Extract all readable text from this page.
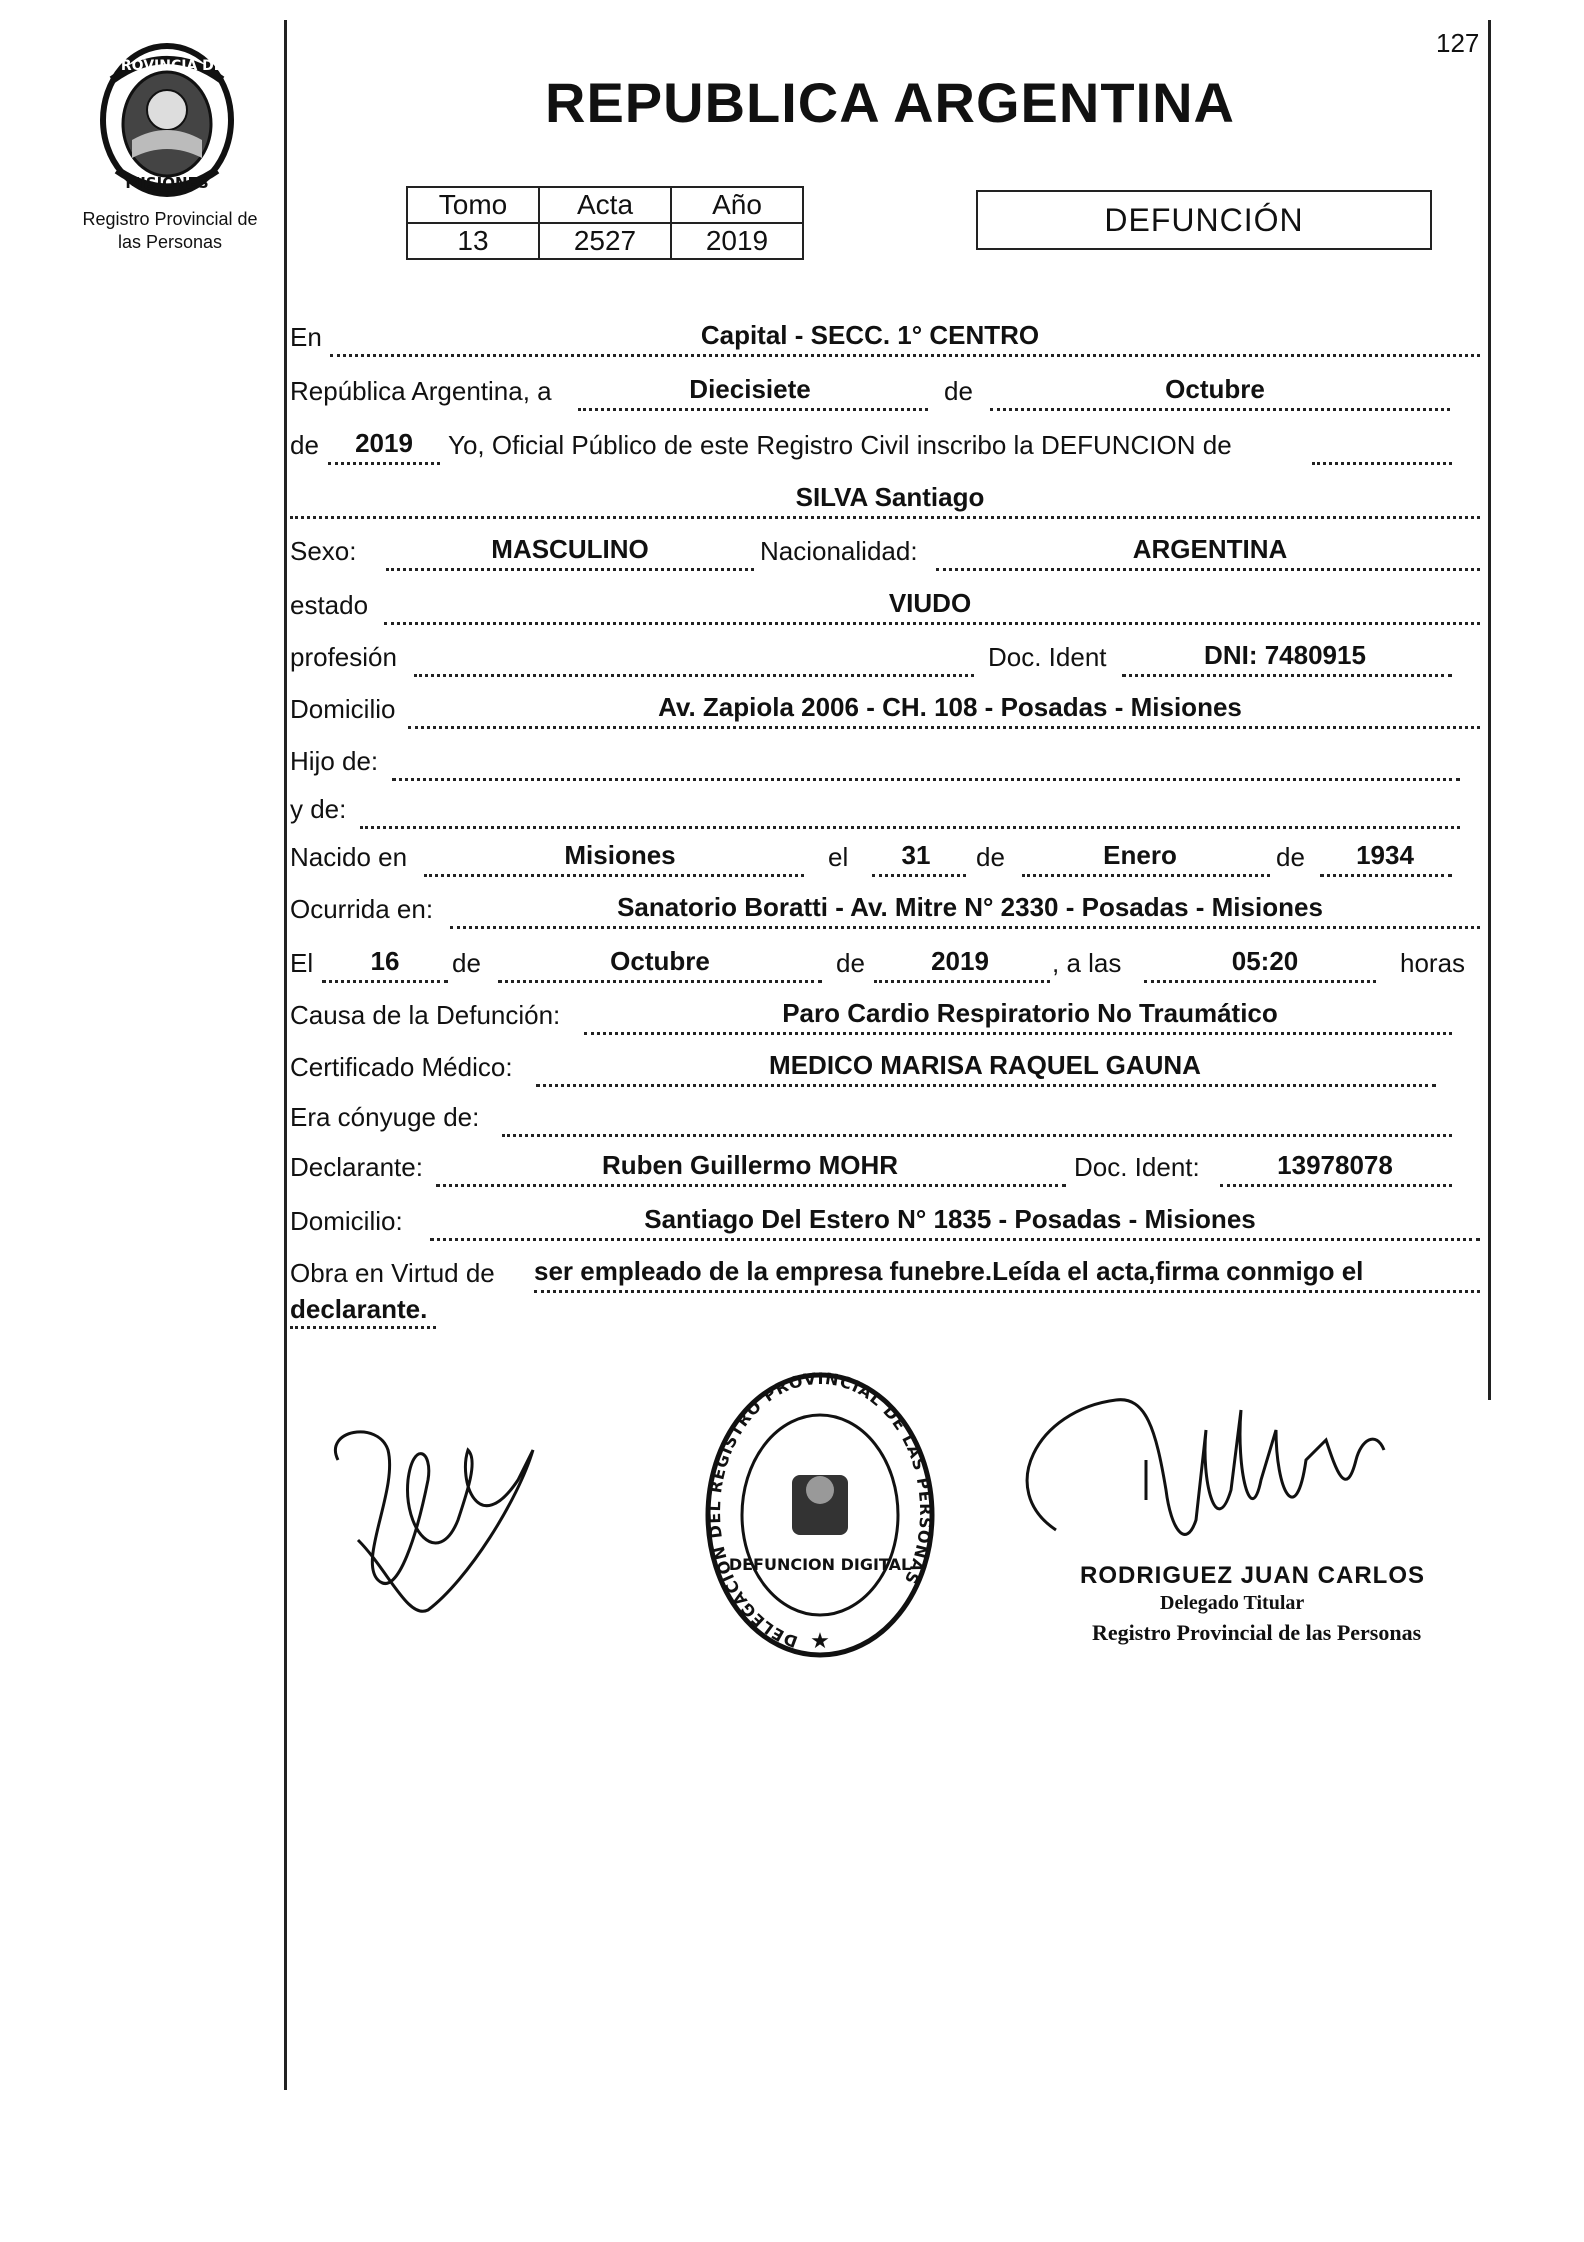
127
PROVINCIA DE
MISIONES
Registro Provincial de
las Personas
REPUBLICA ARGENTINA
Tomo	Acta	Año
13	2527	2019
DEFUNCIÓN
En	Capital - SECC. 1° CENTRO
República Argentina, a	Diecisiete	de	Octubre
de	2019	Yo, Oficial Público de este Registro Civil inscribo la DEFUNCION de
SILVA Santiago
Sexo:	MASCULINO	Nacionalidad:	ARGENTINA
estado	VIUDO
profesión	Doc. Ident	DNI: 7480915
Domicilio	Av. Zapiola 2006 - CH. 108 - Posadas - Misiones
Hijo de:
y de:
Nacido en	Misiones	el	31	de	Enero	de	1934
Ocurrida en:	Sanatorio Boratti - Av. Mitre N° 2330 - Posadas - Misiones
El	16	de	Octubre	de	2019	, a las	05:20	horas
Causa de la Defunción:	Paro Cardio Respiratorio No Traumático
Certificado Médico:	MEDICO MARISA RAQUEL GAUNA
Era cónyuge de:
Declarante:	Ruben Guillermo MOHR	Doc. Ident:	13978078
Domicilio:	Santiago Del Estero N° 1835 - Posadas - Misiones
Obra en Virtud de ser empleado de la empresa funebre.Leída el acta,firma conmigo el
declarante.
DELEGACION DEL REGISTRO PROVINCIAL DE LAS PERSONAS
DEFUNCION DIGITAL
★
RODRIGUEZ JUAN CARLOS
Delegado Titular
Registro Provincial de las Personas
